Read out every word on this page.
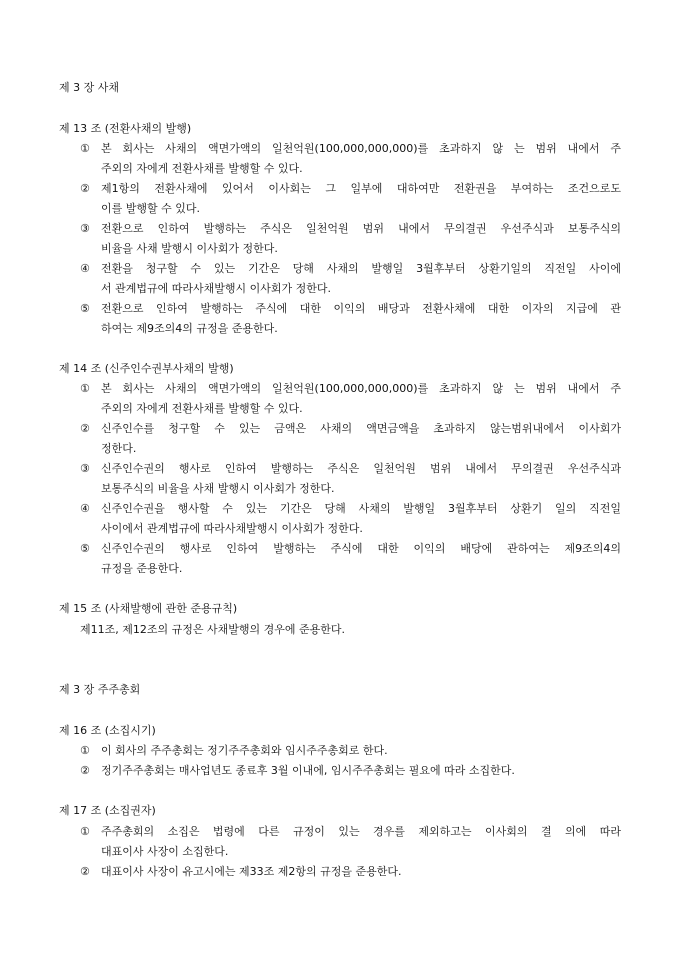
제 3 장 사채
제 13 조 (전환사채의 발행)
① 본 회사는 사채의 액면가액의 일천억원(100,000,000,000)를 초과하지 않 는 범위 내에서 주
주외의 자에게 전환사채를 발행할 수 있다.
② 제1항의 전환사채에 있어서 이사회는 그 일부에 대하여만 전환권을 부여하는 조건으로도
이를 발행할 수 있다.
③ 전환으로 인하여 발행하는 주식은 일천억원 범위 내에서 무의결권 우선주식과 보통주식의
비율을 사채 발행시 이사회가 정한다.
④ 전환을 청구할 수 있는 기간은 당해 사채의 발행일 3월후부터 상환기일의 직전일 사이에
서 관계법규에 따라사채발행시 이사회가 정한다.
⑤ 전환으로 인하여 발행하는 주식에 대한 이익의 배당과 전환사채에 대한 이자의 지급에 관
하여는 제9조의4의 규정을 준용한다.
제 14 조 (신주인수권부사채의 발행)
① 본 회사는 사채의 액면가액의 일천억원(100,000,000,000)를 초과하지 않 는 범위 내에서 주
주외의 자에게 전환사채를 발행할 수 있다.
② 신주인수를 청구할 수 있는 금액은 사채의 액면금액을 초과하지 않는범위내에서 이사회가
정한다.
③ 신주인수권의 행사로 인하여 발행하는 주식은 일천억원 범위 내에서 무의결권 우선주식과
보통주식의 비율을 사채 발행시 이사회가 정한다.
④ 신주인수권을 행사할 수 있는 기간은 당해 사채의 발행일 3월후부터 상환기 일의 직전일
사이에서 관계법규에 따라사채발행시 이사회가 정한다.
⑤ 신주인수권의 행사로 인하여 발행하는 주식에 대한 이익의 배당에 관하여는 제9조의4의
규정을 준용한다.
제 15 조 (사채발행에 관한 준용규칙)
제11조, 제12조의 규정은 사채발행의 경우에 준용한다.
제 3 장 주주총회
제 16 조 (소집시기)
① 이 회사의 주주총회는 정기주주총회와 임시주주총회로 한다.
② 정기주주총회는 매사업년도 종료후 3월 이내에, 임시주주총회는 필요에 따라 소집한다.
제 17 조 (소집권자)
① 주주총회의 소집은 법령에 다른 규정이 있는 경우를 제외하고는 이사회의 결 의에 따라
대표이사 사장이 소집한다.
② 대표이사 사장이 유고시에는 제33조 제2항의 규정을 준용한다.
